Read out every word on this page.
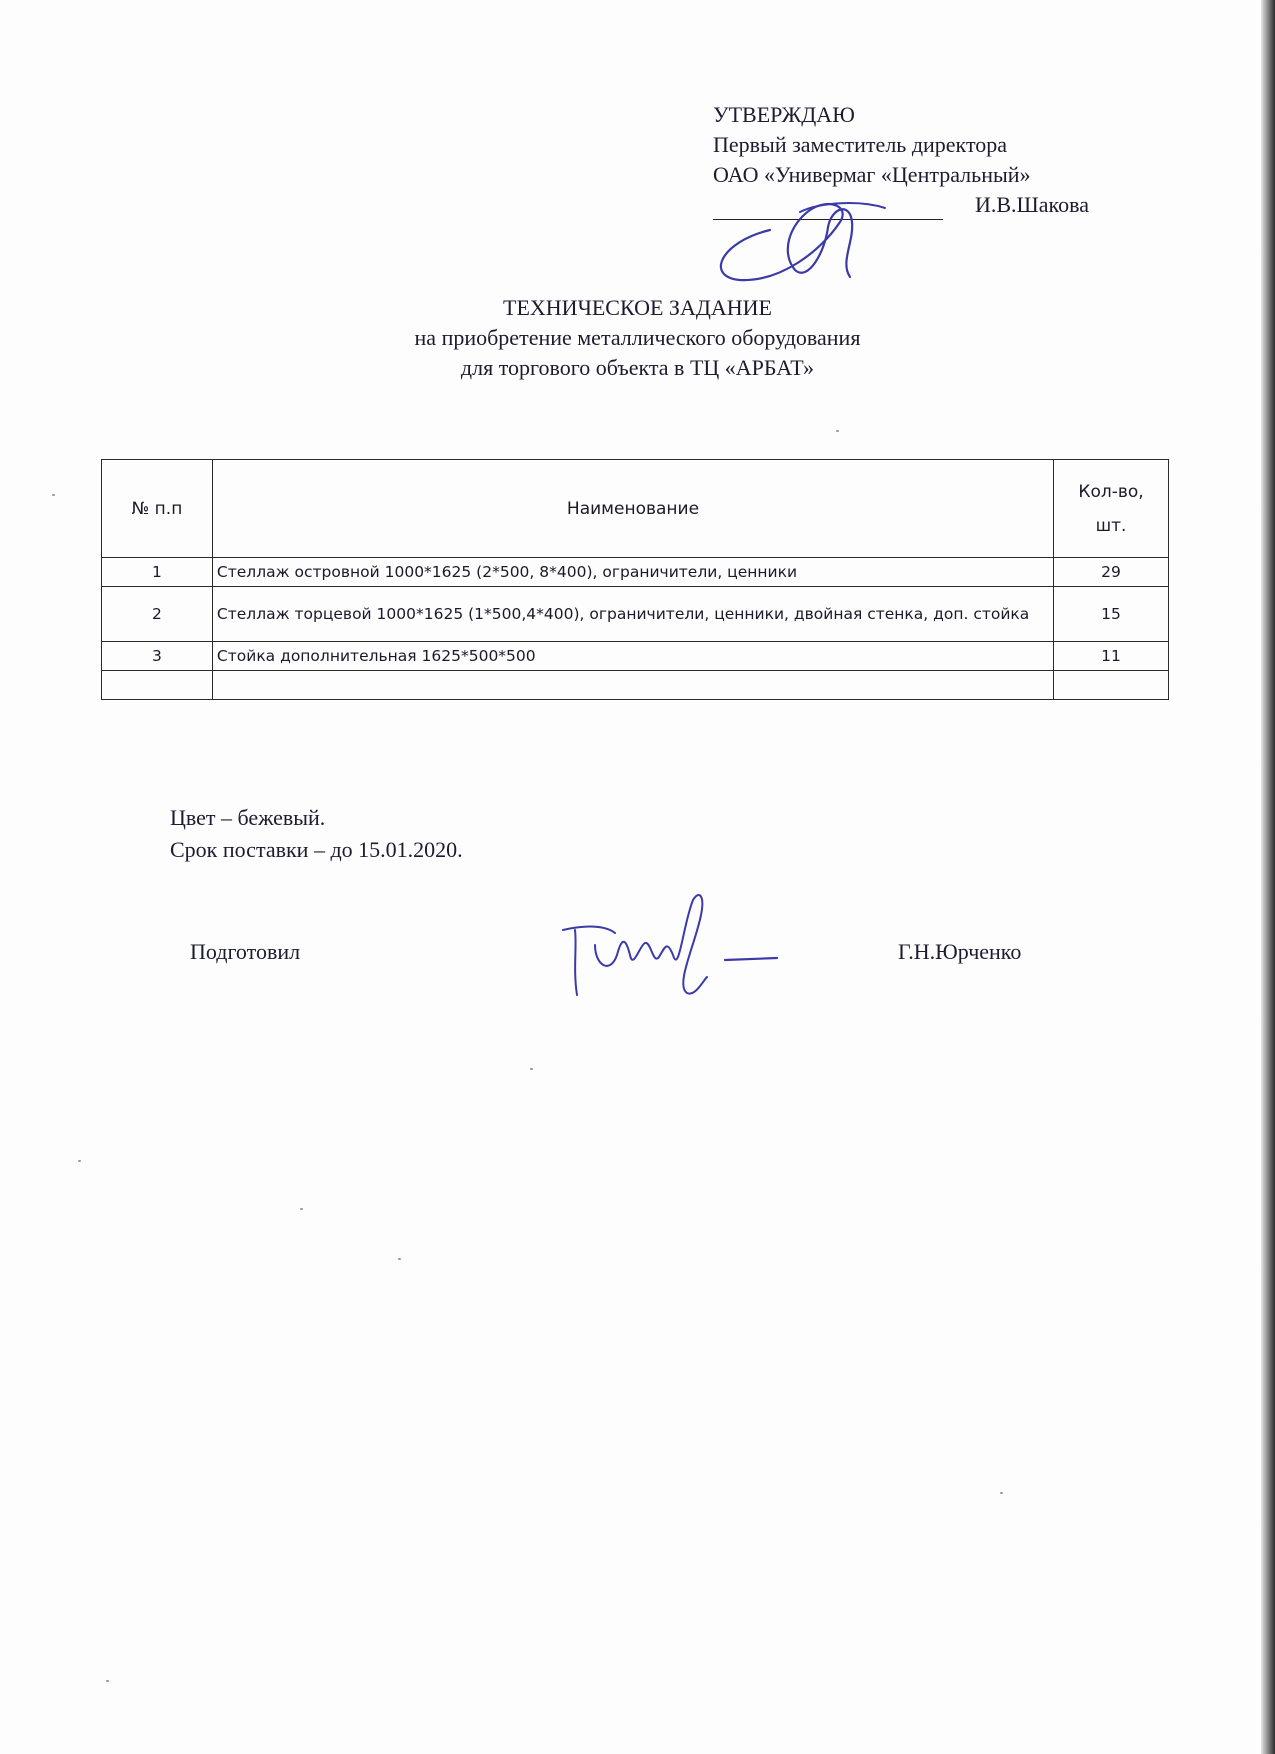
УТВЕРЖДАЮ
Первый заместитель директора
ОАО «Универмаг «Центральный»
И.В.Шакова
ТЕХНИЧЕСКОЕ ЗАДАНИЕ
на приобретение металлического оборудования
для торгового объекта в ТЦ «АРБАТ»
№ п.п	Наименование	Кол-во,
шт.
1	Стеллаж островной 1000*1625 (2*500, 8*400), ограничители, ценники	29
2	Стеллаж торцевой 1000*1625 (1*500,4*400), ограничители, ценники, двойная стенка, доп. стойка	15
3	Стойка дополнительная 1625*500*500	11

Цвет – бежевый.
Срок поставки – до 15.01.2020.
Подготовил	Г.Н.Юрченко
